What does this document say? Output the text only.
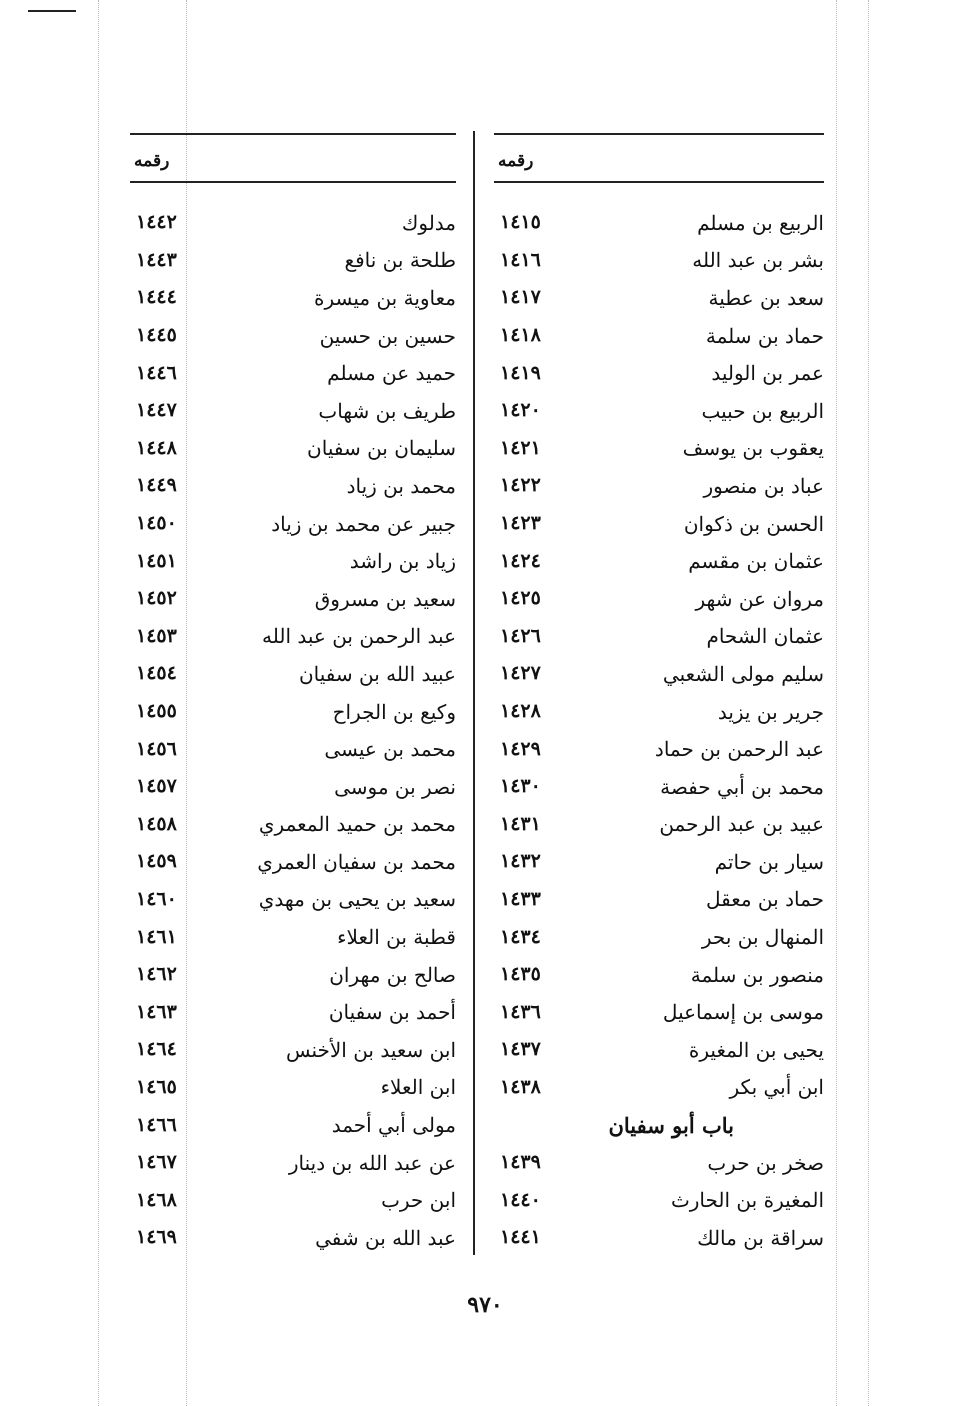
رقمه
الربيع بن مسلم
١٤١٥
بشر بن عبد الله
١٤١٦
سعد بن عطية
١٤١٧
حماد بن سلمة
١٤١٨
عمر بن الوليد
١٤١٩
الربيع بن حبيب
١٤٢٠
يعقوب بن يوسف
١٤٢١
عباد بن منصور
١٤٢٢
الحسن بن ذكوان
١٤٢٣
عثمان بن مقسم
١٤٢٤
مروان عن شهر
١٤٢٥
عثمان الشحام
١٤٢٦
سليم مولى الشعبي
١٤٢٧
جرير بن يزيد
١٤٢٨
عبد الرحمن بن حماد
١٤٢٩
محمد بن أبي حفصة
١٤٣٠
عبيد بن عبد الرحمن
١٤٣١
سيار بن حاتم
١٤٣٢
حماد بن معقل
١٤٣٣
المنهال بن بحر
١٤٣٤
منصور بن سلمة
١٤٣٥
موسى بن إسماعيل
١٤٣٦
يحيى بن المغيرة
١٤٣٧
ابن أبي بكر
١٤٣٨
باب أبو سفيان
صخر بن حرب
١٤٣٩
المغيرة بن الحارث
١٤٤٠
سراقة بن مالك
١٤٤١
رقمه
مدلوك
١٤٤٢
طلحة بن نافع
١٤٤٣
معاوية بن ميسرة
١٤٤٤
حسين بن حسين
١٤٤٥
حميد عن مسلم
١٤٤٦
طريف بن شهاب
١٤٤٧
سليمان بن سفيان
١٤٤٨
محمد بن زياد
١٤٤٩
جبير عن محمد بن زياد
١٤٥٠
زياد بن راشد
١٤٥١
سعيد بن مسروق
١٤٥٢
عبد الرحمن بن عبد الله
١٤٥٣
عبيد الله بن سفيان
١٤٥٤
وكيع بن الجراح
١٤٥٥
محمد بن عيسى
١٤٥٦
نصر بن موسى
١٤٥٧
محمد بن حميد المعمري
١٤٥٨
محمد بن سفيان العمري
١٤٥٩
سعيد بن يحيى بن مهدي
١٤٦٠
قطبة بن العلاء
١٤٦١
صالح بن مهران
١٤٦٢
أحمد بن سفيان
١٤٦٣
ابن سعيد بن الأخنس
١٤٦٤
ابن العلاء
١٤٦٥
مولى أبي أحمد
١٤٦٦
عن عبد الله بن دينار
١٤٦٧
ابن حرب
١٤٦٨
عبد الله بن شفي
١٤٦٩
٩٧٠
